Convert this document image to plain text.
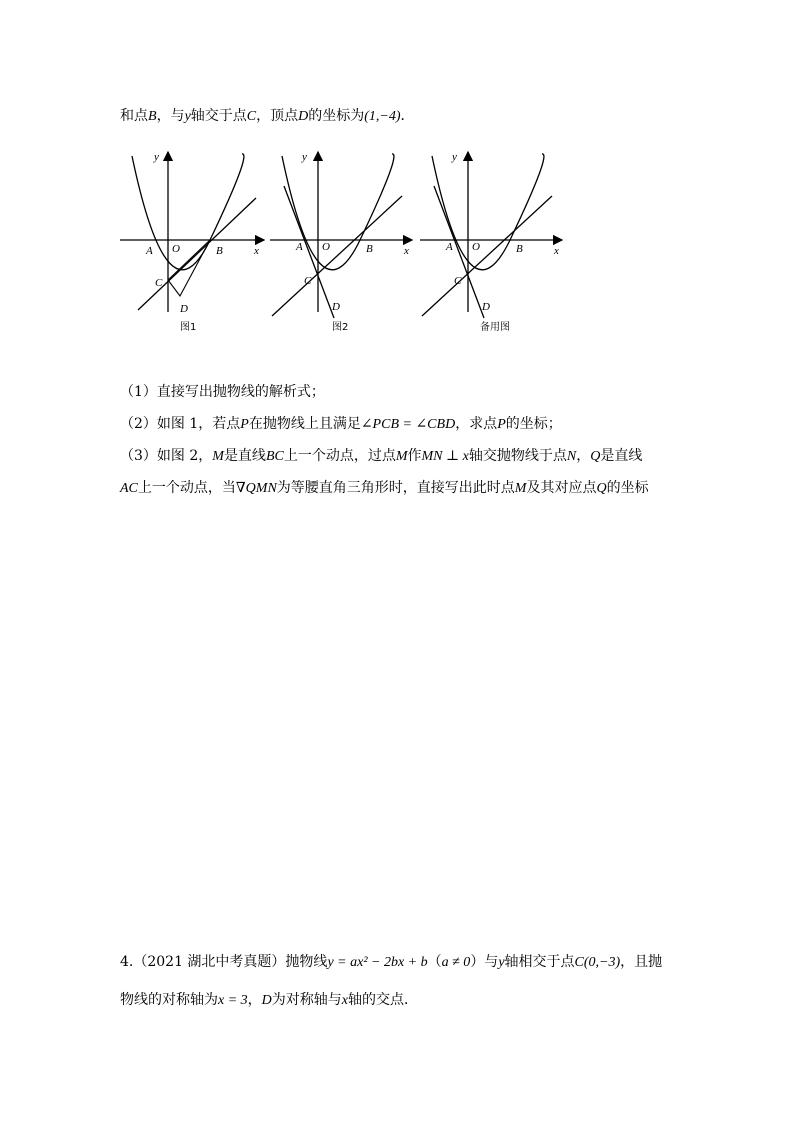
和点B，与y轴交于点C，顶点D的坐标为(1,−4)．
y
x
A O	B
C
D
图1
y
x
A O	B
C
D
图2
y
x
A O	B
C
D
备用图
（1）直接写出抛物线的解析式；
（2）如图 1，若点P在抛物线上且满足∠PCB = ∠CBD，求点P的坐标；
（3）如图 2，M是直线BC上一个动点，过点M作MN ⊥ x轴交抛物线于点N，Q是直线
AC上一个动点，当∇QMN为等腰直角三角形时，直接写出此时点M及其对应点Q的坐标
4.（2021 湖北中考真题）抛物线y = ax² − 2bx + b（a ≠ 0）与y轴相交于点C(0,−3)，且抛
物线的对称轴为x = 3，D为对称轴与x轴的交点．
